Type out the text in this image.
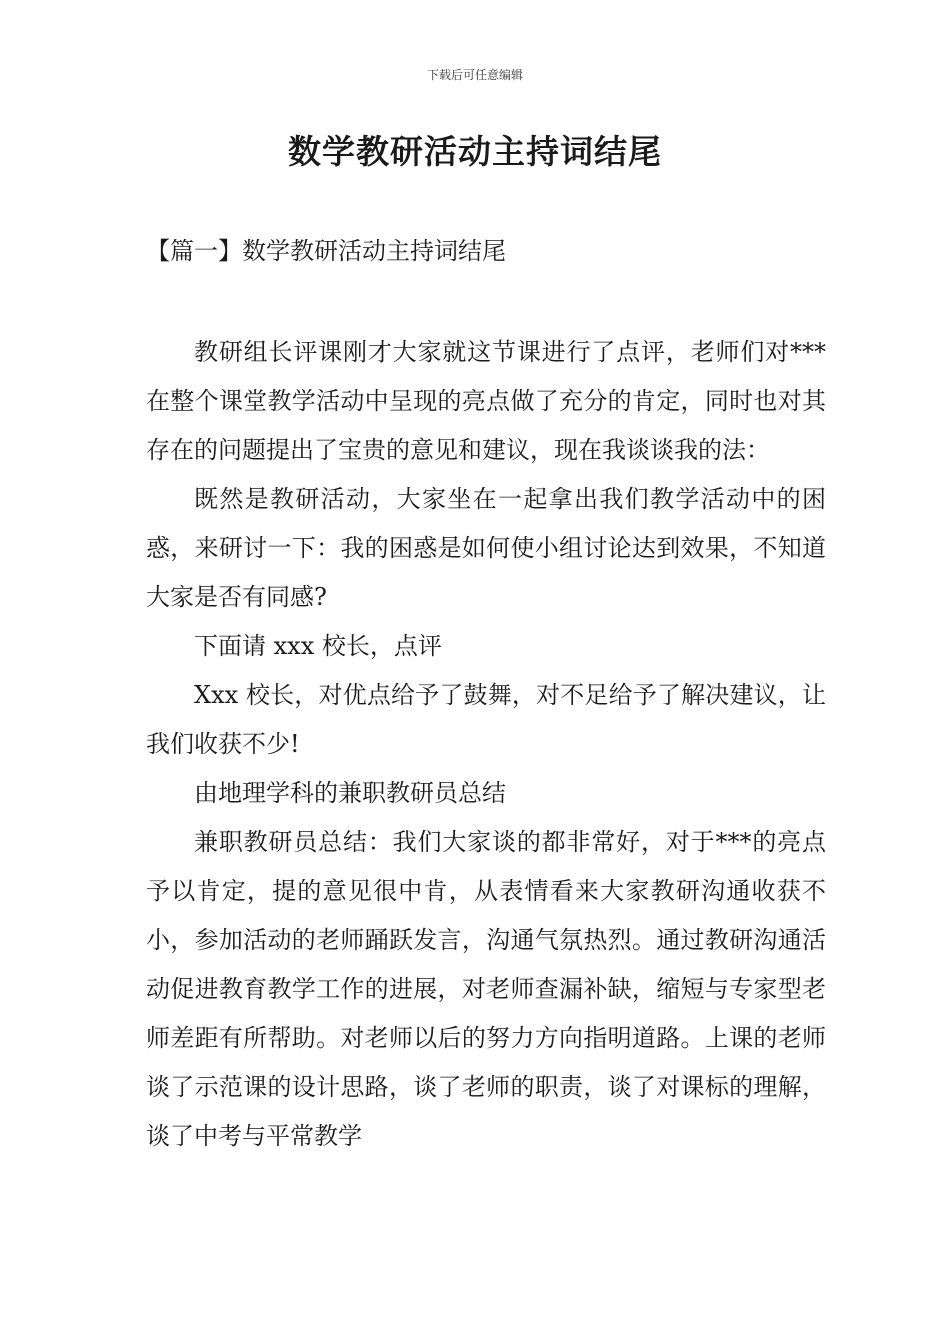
下载后可任意编辑
数学教研活动主持词结尾
【篇一】数学教研活动主持词结尾

教研组长评课刚才大家就这节课进行了点评，老师们对***在整个课堂教学活动中呈现的亮点做了充分的肯定，同时也对其存在的问题提出了宝贵的意见和建议，现在我谈谈我的法：

既然是教研活动，大家坐在一起拿出我们教学活动中的困惑，来研讨一下：我的困惑是如何使小组讨论达到效果，不知道大家是否有同感?

下面请 xxx 校长，点评

Xxx 校长，对优点给予了鼓舞，对不足给予了解决建议，让我们收获不少!

由地理学科的兼职教研员总结

兼职教研员总结：我们大家谈的都非常好，对于***的亮点予以肯定，提的意见很中肯，从表情看来大家教研沟通收获不小，参加活动的老师踊跃发言，沟通气氛热烈。通过教研沟通活动促进教育教学工作的进展，对老师查漏补缺，缩短与专家型老师差距有所帮助。对老师以后的努力方向指明道路。上课的老师谈了示范课的设计思路，谈了老师的职责，谈了对课标的理解，谈了中考与平常教学
